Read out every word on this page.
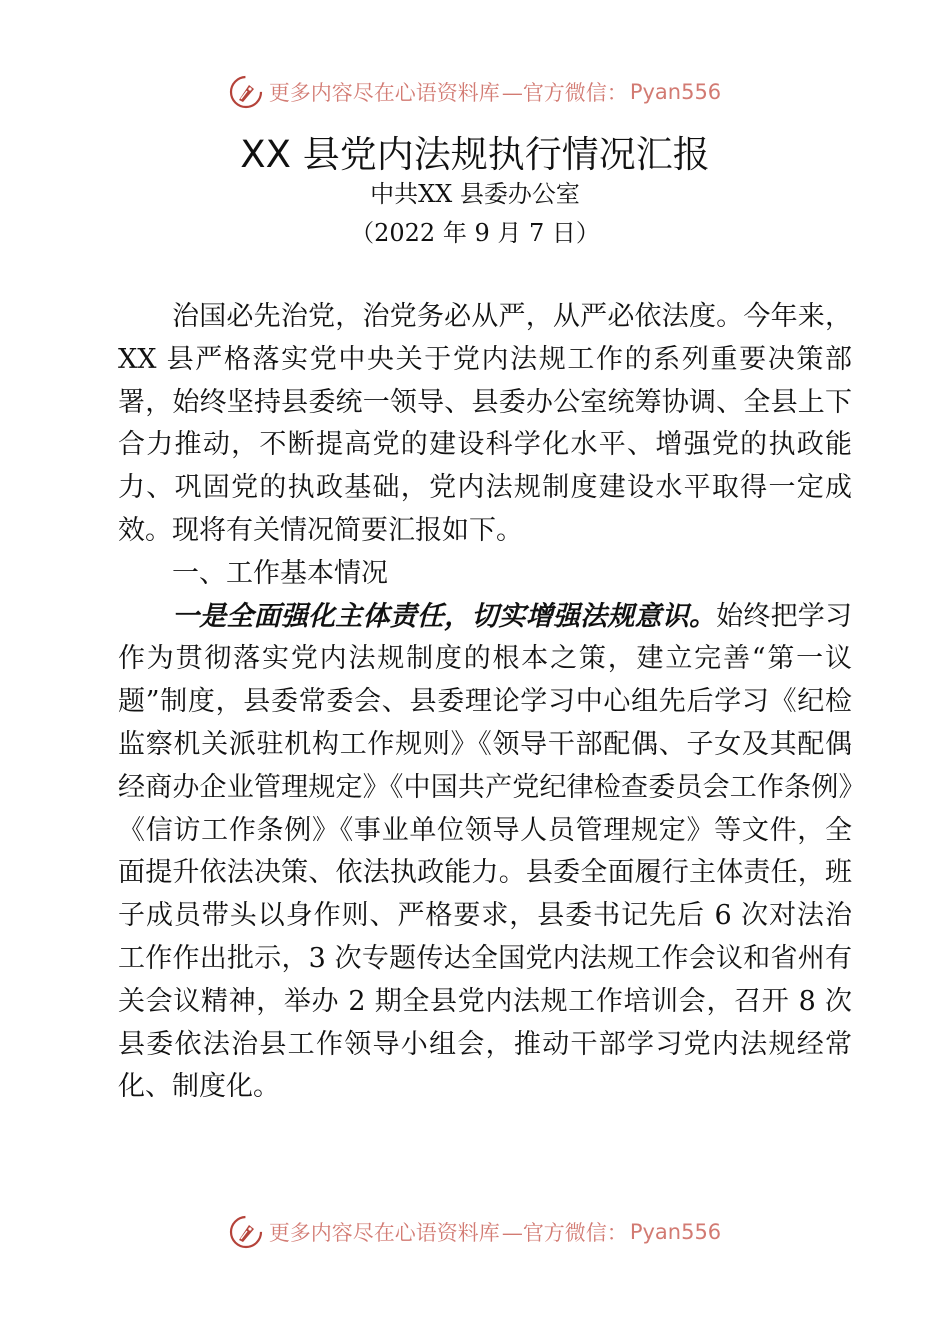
更多内容尽在心语资料库 —官方微信： Pyan556
XX 县党内法规执行情况汇报
中共XX 县委办公室
（2022 年 9 月 7 日）

治国必先治党，治党务必从严，从严必依法度。今年来，XX 县严格落实党中央关于党内法规工作的系列重要决策部署，始终坚持县委统一领导、县委办公室统筹协调、全县上下合力推动，不断提高党的建设科学化水平、增强党的执政能力、巩固党的执政基础，党内法规制度建设水平取得一定成效。现将有关情况简要汇报如下。

一、工作基本情况

一是全面强化主体责任，切实增强法规意识。始终把学习作为贯彻落实党内法规制度的根本之策，建立完善“第一议题”制度，县委常委会、县委理论学习中心组先后学习《纪检监察机关派驻机构工作规则》《领导干部配偶、子女及其配偶经商办企业管理规定》《中国共产党纪律检查委员会工作条例》《信访工作条例》《事业单位领导人员管理规定》等文件，全面提升依法决策、依法执政能力。县委全面履行主体责任，班子成员带头以身作则、严格要求，县委书记先后 6 次对法治工作作出批示，3 次专题传达全国党内法规工作会议和省州有关会议精神，举办 2 期全县党内法规工作培训会，召开 8 次县委依法治县工作领导小组会，推动干部学习党内法规经常化、制度化。

更多内容尽在心语资料库 —官方微信： Pyan556
